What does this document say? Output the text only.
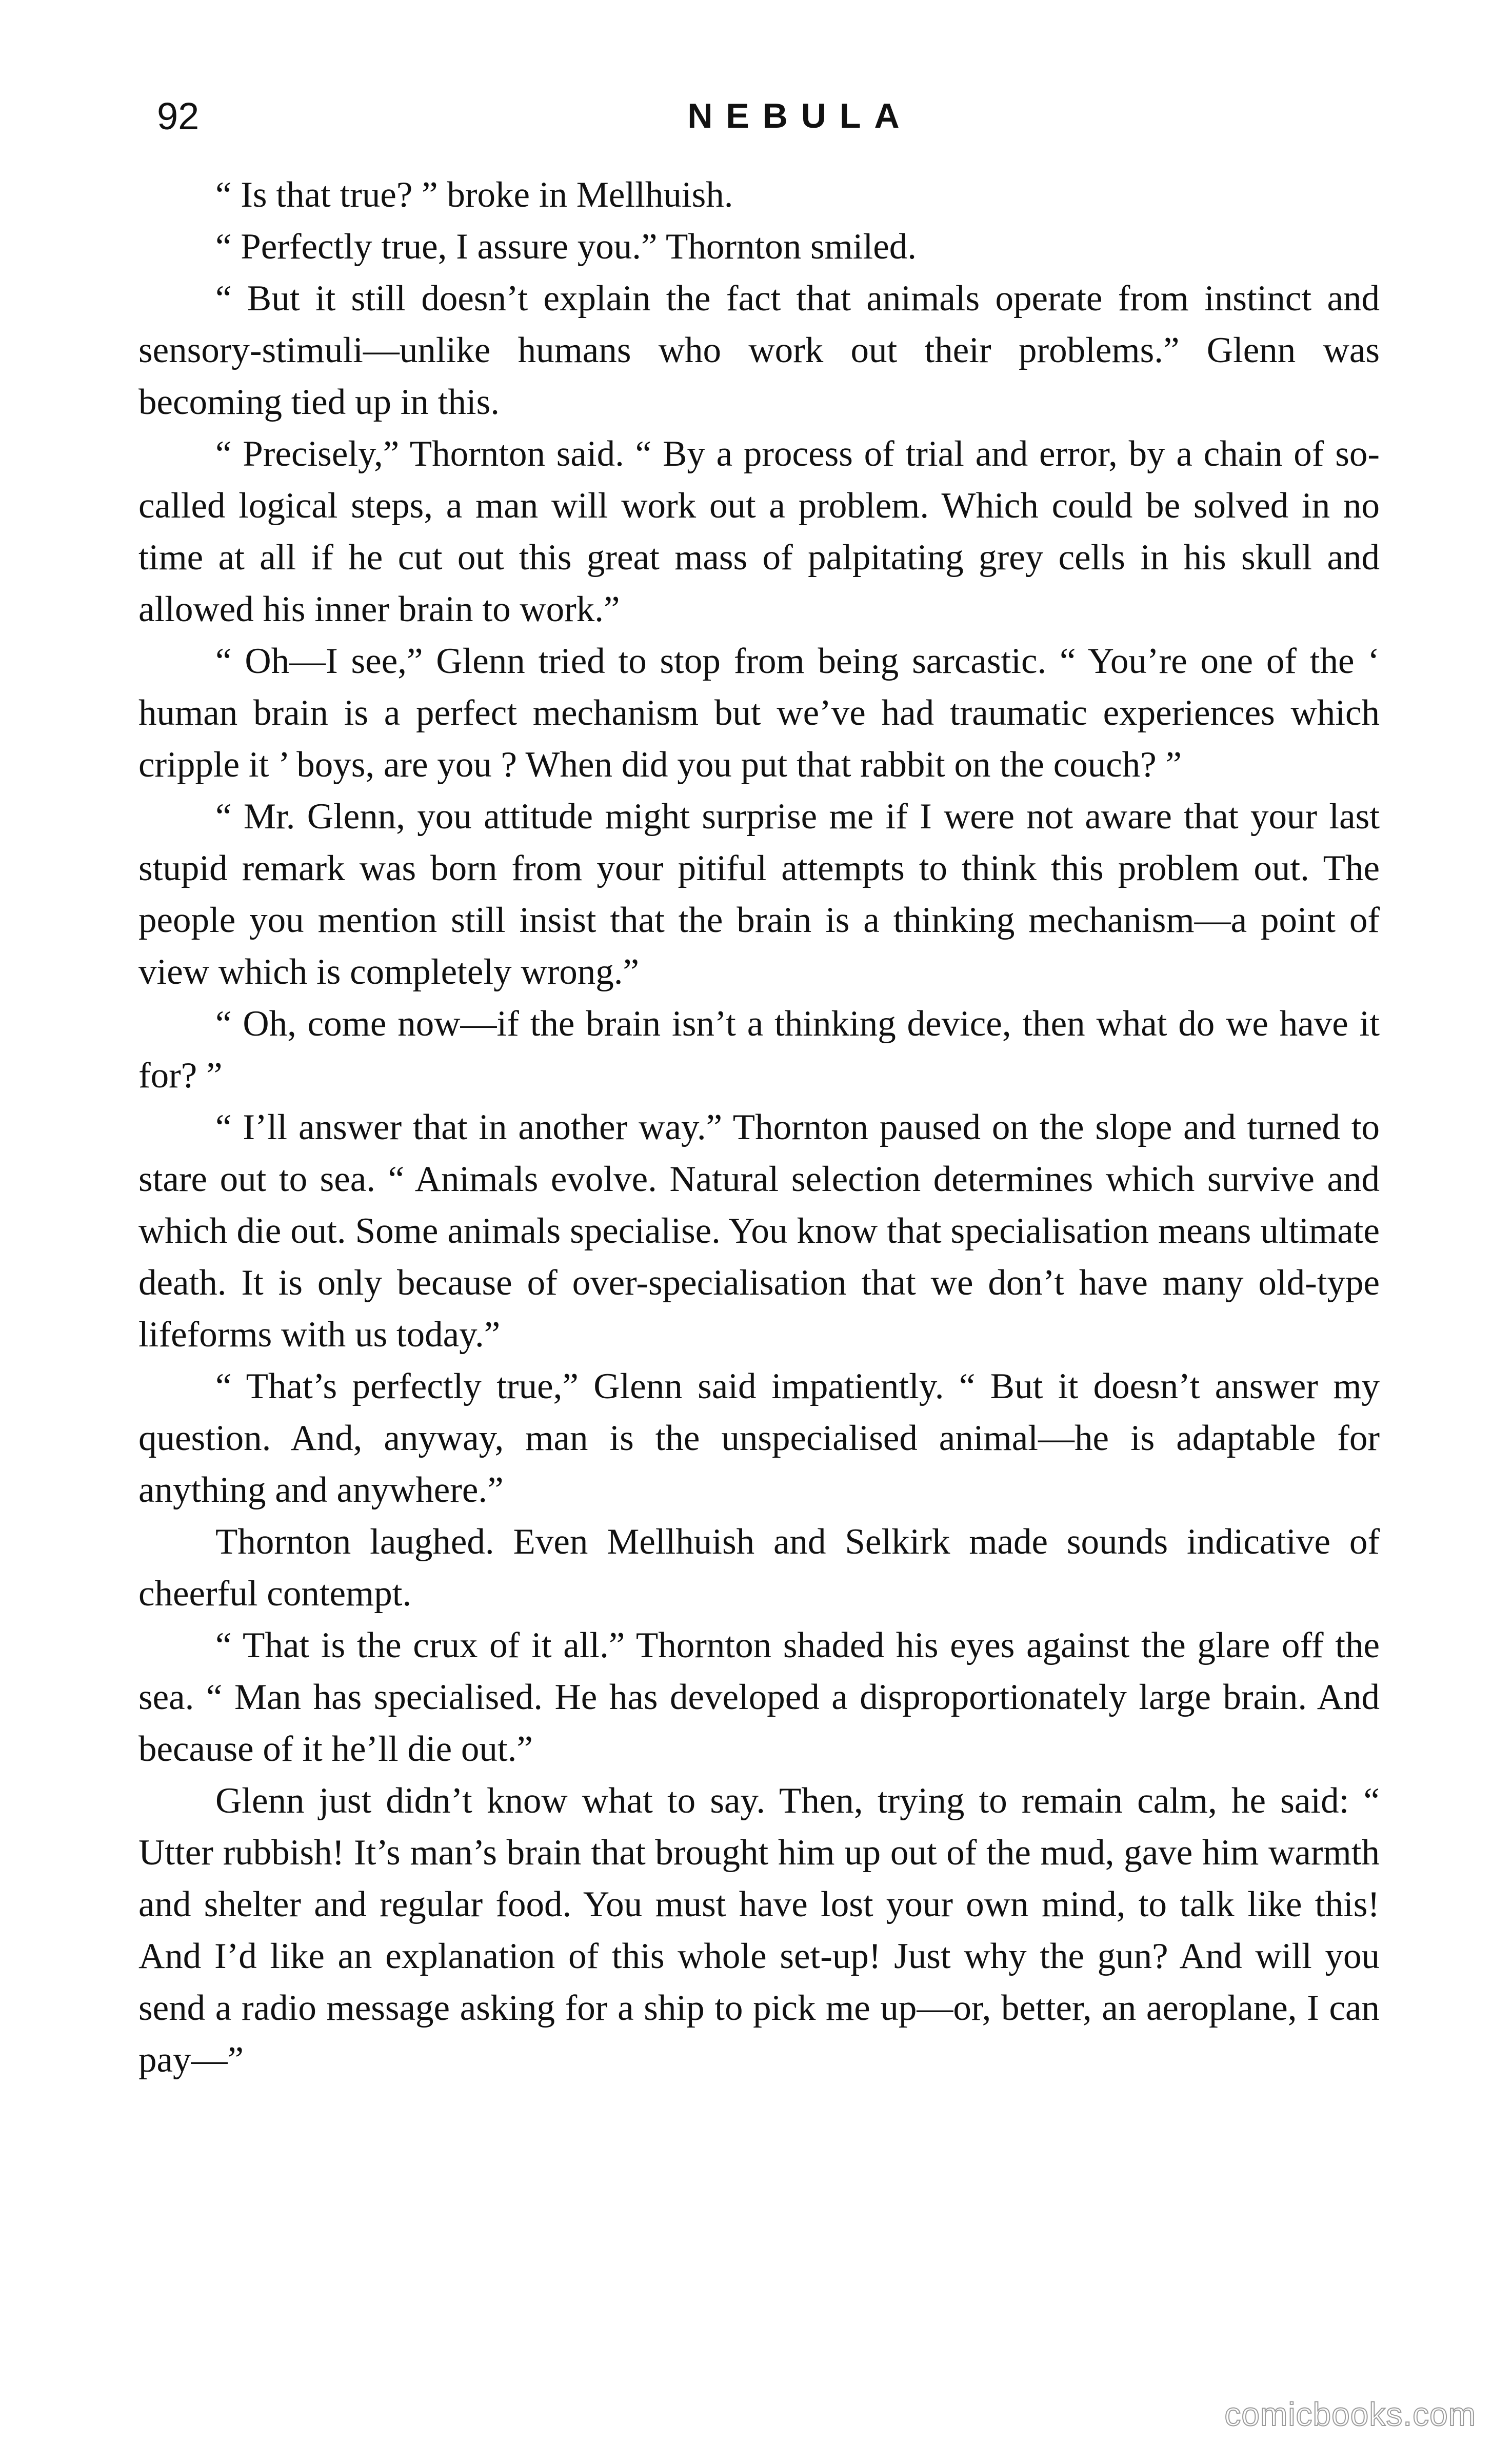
92	NEBULA

“ Is that true? ” broke in Mellhuish.

“ Perfectly true, I assure you.” Thornton smiled.

“ But it still doesn’t explain the fact that animals operate from instinct and sensory-stimuli—unlike humans who work out their problems.” Glenn was becoming tied up in this.

“ Precisely,” Thornton said. “ By a process of trial and error, by a chain of so-called logical steps, a man will work out a problem. Which could be solved in no time at all if he cut out this great mass of palpitating grey cells in his skull and allowed his inner brain to work.”

“ Oh—I see,” Glenn tried to stop from being sarcastic. “ You’re one of the ‘ human brain is a perfect mechanism but we’ve had traumatic experiences which cripple it ’ boys, are you ? When did you put that rabbit on the couch? ”

“ Mr. Glenn, you attitude might surprise me if I were not aware that your last stupid remark was born from your pitiful attempts to think this problem out. The people you mention still insist that the brain is a thinking mechanism—a point of view which is completely wrong.”

“ Oh, come now—if the brain isn’t a thinking device, then what do we have it for? ”

“ I’ll answer that in another way.” Thornton paused on the slope and turned to stare out to sea. “ Animals evolve. Natural selection determines which survive and which die out. Some animals specialise. You know that specialisation means ultimate death. It is only because of over-specialisation that we don’t have many old-type lifeforms with us today.”

“ That’s perfectly true,” Glenn said impatiently. “ But it doesn’t answer my question. And, anyway, man is the unspecialised animal—he is adaptable for anything and anywhere.”

Thornton laughed. Even Mellhuish and Selkirk made sounds indicative of cheerful contempt.

“ That is the crux of it all.” Thornton shaded his eyes against the glare off the sea. “ Man has specialised. He has developed a disproportionately large brain. And because of it he’ll die out.”

Glenn just didn’t know what to say. Then, trying to remain calm, he said: “ Utter rubbish! It’s man’s brain that brought him up out of the mud, gave him warmth and shelter and regular food. You must have lost your own mind, to talk like this! And I’d like an explanation of this whole set-up! Just why the gun? And will you send a radio message asking for a ship to pick me up—or, better, an aeroplane, I can pay—”

comicbooks.com
